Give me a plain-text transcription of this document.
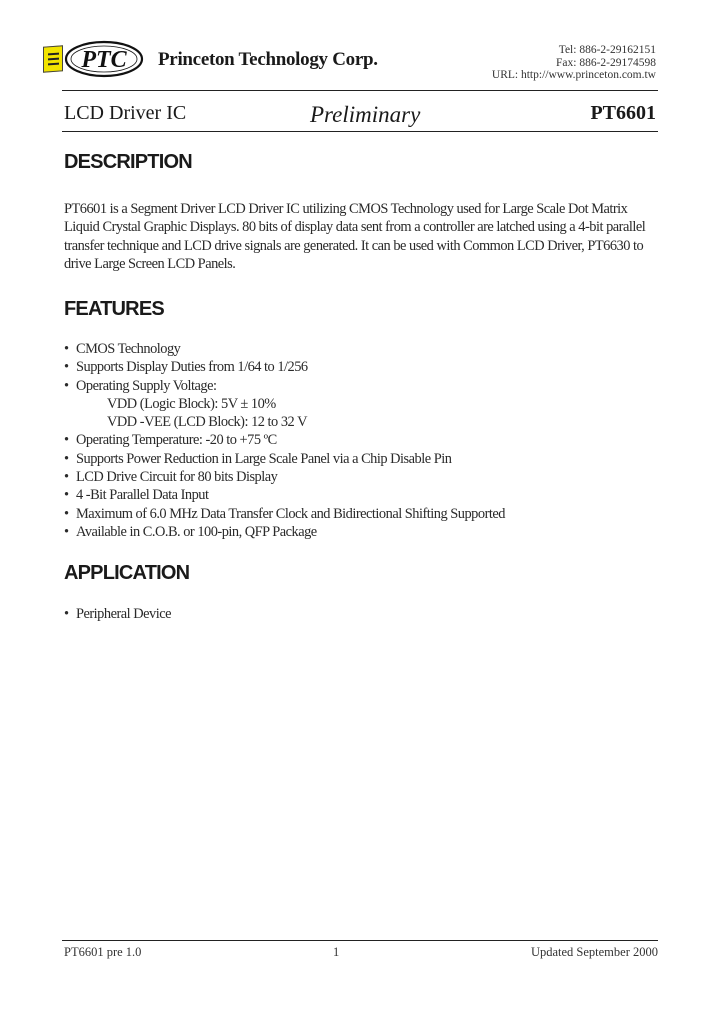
PTC Princeton Technology Corp.	Tel: 886-2-29162151
Fax: 886-2-29174598
URL: http://www.princeton.com.tw
LCD Driver IC	Preliminary	PT6601
DESCRIPTION
PT6601 is a Segment Driver LCD Driver IC utilizing CMOS Technology used for Large Scale Dot Matrix
Liquid Crystal Graphic Displays. 80 bits of display data sent from a controller are latched using a 4-bit parallel
transfer technique and LCD drive signals are generated. It can be used with Common LCD Driver, PT6630 to
drive Large Screen LCD Panels.
FEATURES
• CMOS Technology
• Supports Display Duties from 1/64 to 1/256
• Operating Supply Voltage:
VDD (Logic Block): 5V ± 10%
VDD -VEE (LCD Block): 12 to 32 V
• Operating Temperature: -20 to +75 ºC
• Supports Power Reduction in Large Scale Panel via a Chip Disable Pin
• LCD Drive Circuit for 80 bits Display
• 4 -Bit Parallel Data Input
• Maximum of 6.0 MHz Data Transfer Clock and Bidirectional Shifting Supported
• Available in C.O.B. or 100-pin, QFP Package
APPLICATION
• Peripheral Device
PT6601 pre 1.0	1	Updated September 2000
